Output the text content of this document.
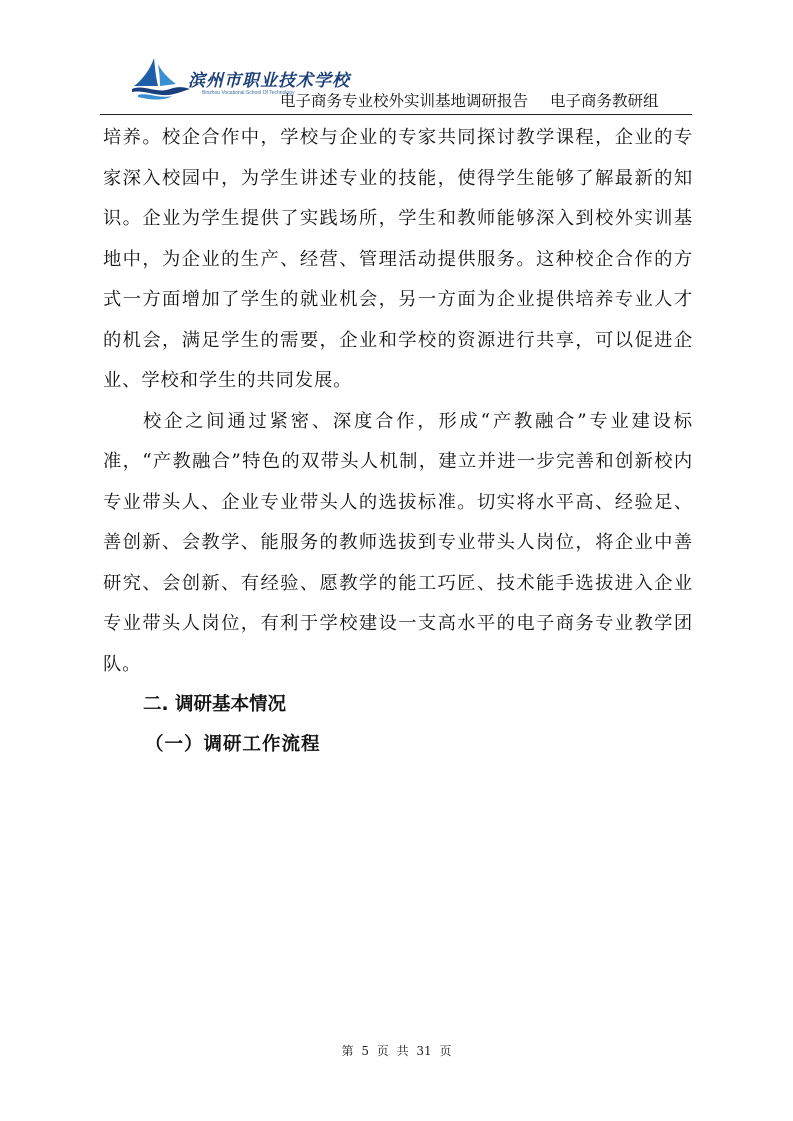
滨州市职业技术学校
Binzhou Vocational School Of Technology
电子商务专业校外实训基地调研报告 电子商务教研组

培养。校企合作中，学校与企业的专家共同探讨教学课程，企业的专家深入校园中，为学生讲述专业的技能，使得学生能够了解最新的知识。企业为学生提供了实践场所，学生和教师能够深入到校外实训基地中，为企业的生产、经营、管理活动提供服务。这种校企合作的方式一方面增加了学生的就业机会，另一方面为企业提供培养专业人才的机会，满足学生的需要，企业和学校的资源进行共享，可以促进企业、学校和学生的共同发展。

校企之间通过紧密、深度合作，形成“产教融合”专业建设标准，“产教融合”特色的双带头人机制，建立并进一步完善和创新校内专业带头人、企业专业带头人的选拔标准。切实将水平高、经验足、善创新、会教学、能服务的教师选拔到专业带头人岗位，将企业中善研究、会创新、有经验、愿教学的能工巧匠、技术能手选拔进入企业专业带头人岗位，有利于学校建设一支高水平的电子商务专业教学团队。

二. 调研基本情况

（一）调研工作流程

第 5 页 共 31 页
